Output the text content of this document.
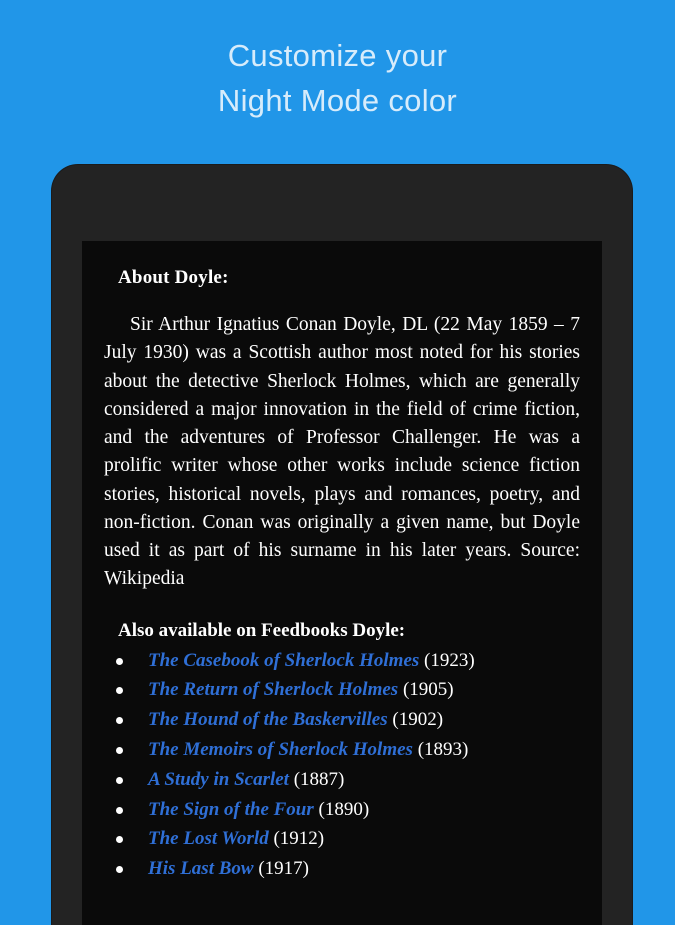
Customize your
Night Mode color
About Doyle:

Sir Arthur Ignatius Conan Doyle, DL (22 May 1859 – 7 July 1930) was a Scottish author most noted for his stories about the detective Sherlock Holmes, which are generally considered a major innovation in the field of crime fiction, and the adventures of Professor Challenger. He was a prolific writer whose other works include science fiction stories, historical novels, plays and romances, poetry, and non-fiction. Conan was originally a given name, but Doyle used it as part of his surname in his later years. Source: Wikipedia

Also available on Feedbooks Doyle:
The Casebook of Sherlock Holmes (1923)
The Return of Sherlock Holmes (1905)
The Hound of the Baskervilles (1902)
The Memoirs of Sherlock Holmes (1893)
A Study in Scarlet (1887)
The Sign of the Four (1890)
The Lost World (1912)
His Last Bow (1917)
